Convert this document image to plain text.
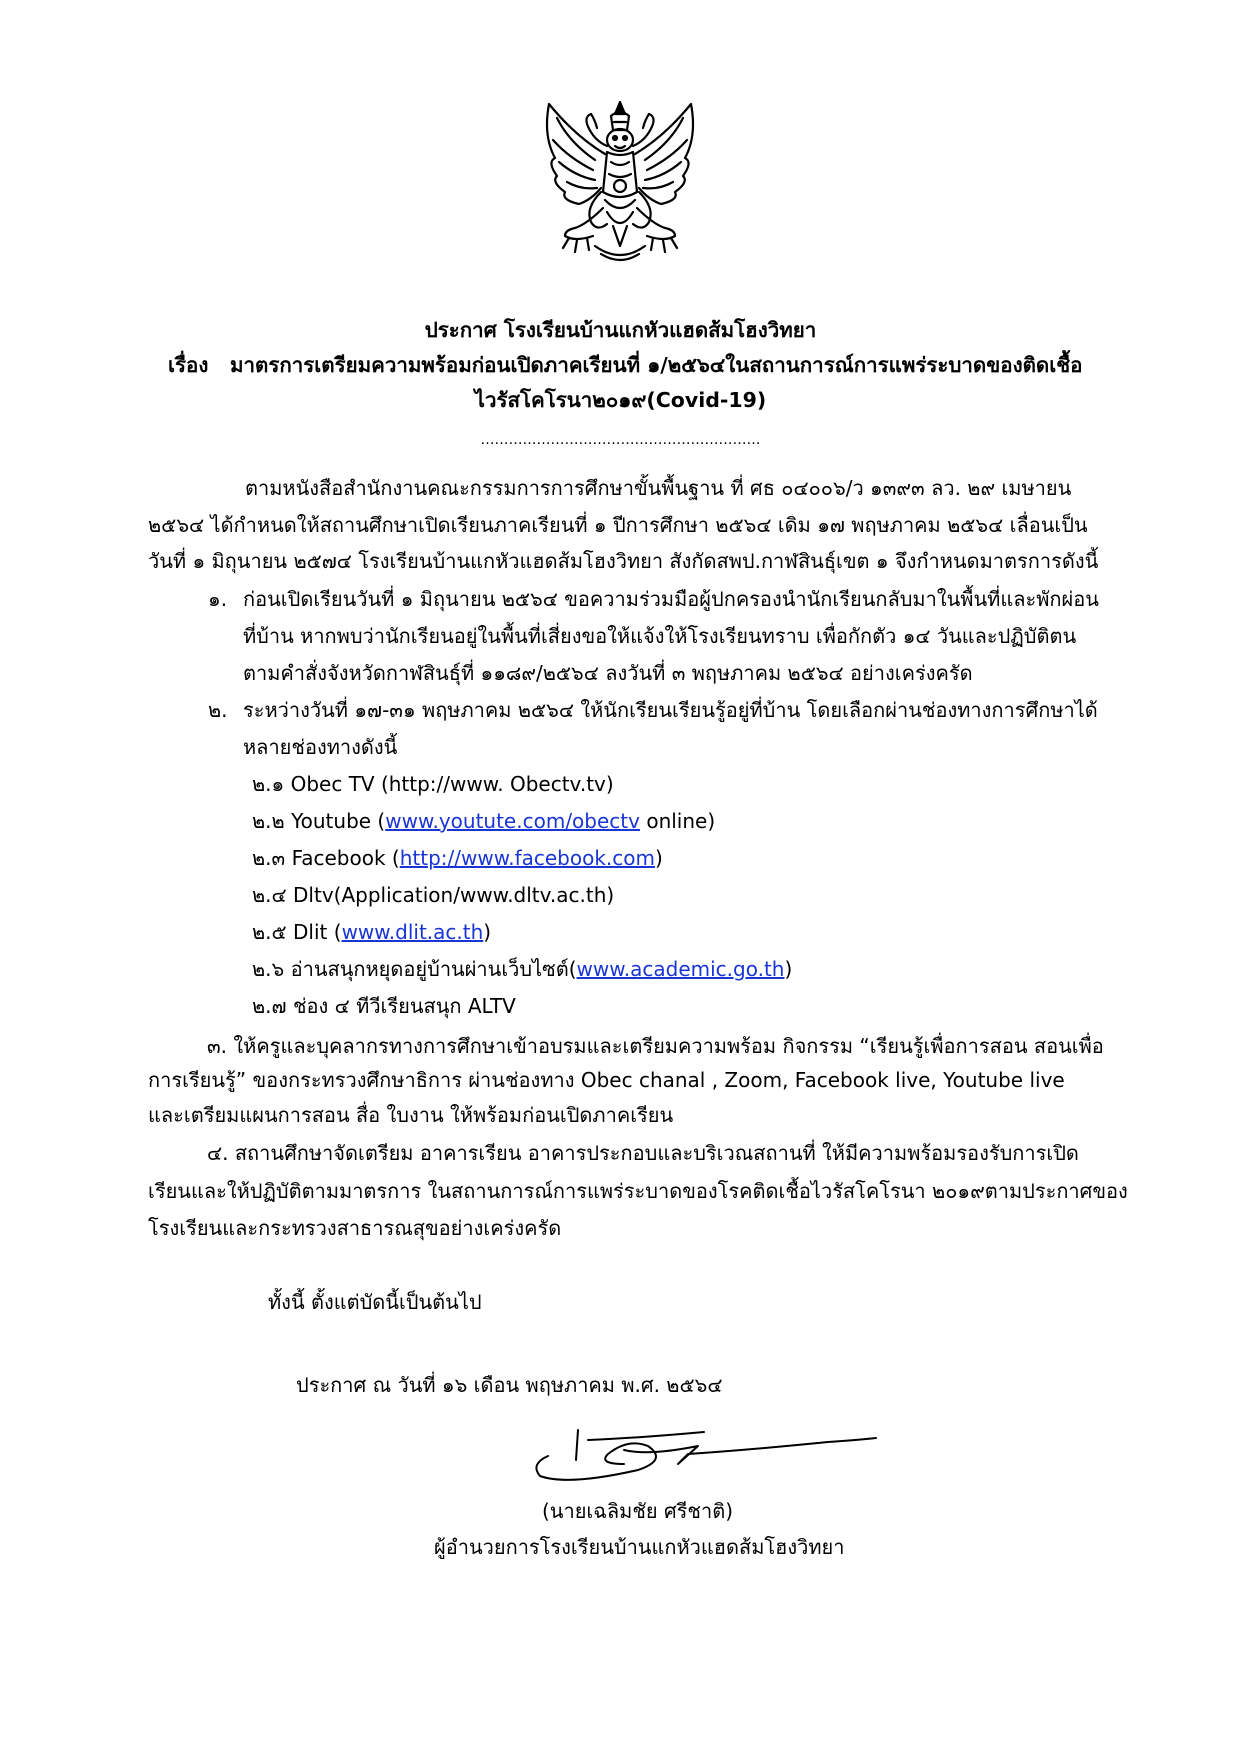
ประกาศ โรงเรียนบ้านแกหัวแฮดส้มโฮงวิทยา
เรื่อง มาตรการเตรียมความพร้อมก่อนเปิดภาคเรียนที่ ๑/๒๕๖๔ในสถานการณ์การแพร่ระบาดของติดเชื้อ
ไวรัสโคโรนา๒๐๑๙(Covid-19)
……………………………………………………
ตามหนังสือสำนักงานคณะกรรมการการศึกษาขั้นพื้นฐาน ที่ ศธ ๐๔๐๐๖/ว ๑๓๙๓ ลว. ๒๙ เมษายน
๒๕๖๔ ได้กำหนดให้สถานศึกษาเปิดเรียนภาคเรียนที่ ๑ ปีการศึกษา ๒๕๖๔ เดิม ๑๗ พฤษภาคม ๒๕๖๔ เลื่อนเป็น
วันที่ ๑ มิถุนายน ๒๕๗๔ โรงเรียนบ้านแกหัวแฮดส้มโฮงวิทยา สังกัดสพป.กาฬสินธุ์เขต ๑ จึงกำหนดมาตรการดังนี้
๑. ก่อนเปิดเรียนวันที่ ๑ มิถุนายน ๒๕๖๔ ขอความร่วมมือผู้ปกครองนำนักเรียนกลับมาในพื้นที่และพักผ่อน
ที่บ้าน หากพบว่านักเรียนอยู่ในพื้นที่เสี่ยงขอให้แจ้งให้โรงเรียนทราบ เพื่อกักตัว ๑๔ วันและปฏิบัติตน
ตามคำสั่งจังหวัดกาฬสินธุ์ที่ ๑๑๘๙/๒๕๖๔ ลงวันที่ ๓ พฤษภาคม ๒๕๖๔ อย่างเคร่งครัด
๒. ระหว่างวันที่ ๑๗-๓๑ พฤษภาคม ๒๕๖๔ ให้นักเรียนเรียนรู้อยู่ที่บ้าน โดยเลือกผ่านช่องทางการศึกษาได้
หลายช่องทางดังนี้
๒.๑ Obec TV (http://www. Obectv.tv)
๒.๒ Youtube (www.youtute.com/obectv online)
๒.๓ Facebook (http://www.facebook.com)
๒.๔ Dltv(Application/www.dltv.ac.th)
๒.๕ Dlit (www.dlit.ac.th)
๒.๖ อ่านสนุกหยุดอยู่บ้านผ่านเว็บไซต์(www.academic.go.th)
๒.๗ ช่อง ๔ ทีวีเรียนสนุก ALTV
๓. ให้ครูและบุคลากรทางการศึกษาเข้าอบรมและเตรียมความพร้อม กิจกรรม “เรียนรู้เพื่อการสอน สอนเพื่อ
การเรียนรู้” ของกระทรวงศึกษาธิการ ผ่านช่องทาง Obec chanal , Zoom, Facebook live, Youtube live
และเตรียมแผนการสอน สื่อ ใบงาน ให้พร้อมก่อนเปิดภาคเรียน
๔. สถานศึกษาจัดเตรียม อาคารเรียน อาคารประกอบและบริเวณสถานที่ ให้มีความพร้อมรองรับการเปิด
เรียนและให้ปฏิบัติตามมาตรการ ในสถานการณ์การแพร่ระบาดของโรคติดเชื้อไวรัสโคโรนา ๒๐๑๙ตามประกาศของ
โรงเรียนและกระทรวงสาธารณสุขอย่างเคร่งครัด
ทั้งนี้ ตั้งแต่บัดนี้เป็นต้นไป
ประกาศ ณ วันที่ ๑๖ เดือน พฤษภาคม พ.ศ. ๒๕๖๔
(นายเฉลิมชัย ศรีชาติ)
ผู้อำนวยการโรงเรียนบ้านแกหัวแฮดส้มโฮงวิทยา
